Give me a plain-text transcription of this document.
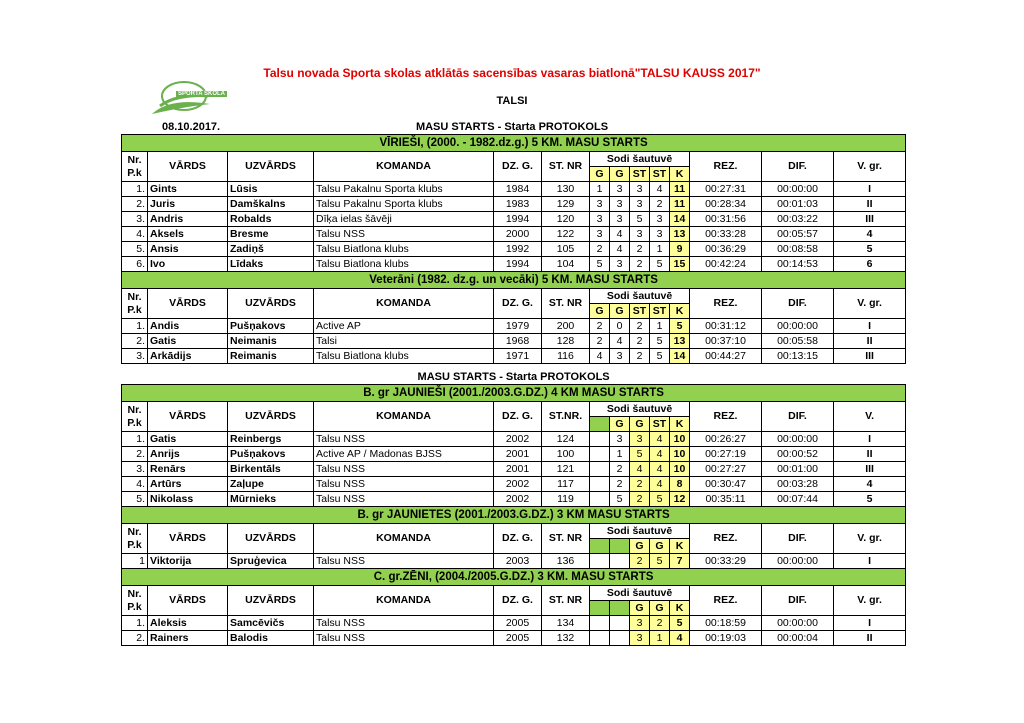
Talsu novada Sporta skolas atklātās sacensības vasaras biatlonā"TALSU KAUSS 2017"
SPORTA SKOLA
TALSI
MASU STARTS - Starta PROTOKOLS
08.10.2017.
VĪRIEŠI, (2000. - 1982.dz.g.) 5 KM. MASU STARTS													
Nr. P.k	VĀRDS	UZVĀRDS	KOMANDA	DZ. G.	ST. NR	Sodi šautuvē					REZ.	DIF.	V. gr.
						G	G	ST	ST	K			
1.	Gints	Lūsis	Talsu Pakalnu Sporta klubs	1984	130	1	3	3	4	11	00:27:31	00:00:00	I
2.	Juris	Damškalns	Talsu Pakalnu Sporta klubs	1983	129	3	3	3	2	11	00:28:34	00:01:03	II
3.	Andris	Robalds	Dīķa ielas šāvēji	1994	120	3	3	5	3	14	00:31:56	00:03:22	III
4.	Aksels	Bresme	Talsu NSS	2000	122	3	4	3	3	13	00:33:28	00:05:57	4
5.	Ansis	Zadiņš	Talsu Biatlona klubs	1992	105	2	4	2	1	9	00:36:29	00:08:58	5
6.	Ivo	Līdaks	Talsu Biatlona klubs	1994	104	5	3	2	5	15	00:42:24	00:14:53	6
Veterāni (1982. dz.g. un vecāki) 5 KM. MASU STARTS													
Nr. P.k	VĀRDS	UZVĀRDS	KOMANDA	DZ. G.	ST. NR	Sodi šautuvē					REZ.	DIF.	V. gr.
						G	G	ST	ST	K			
1.	Andis	Pušņakovs	Active AP	1979	200	2	0	2	1	5	00:31:12	00:00:00	I
2.	Gatis	Neimanis	Talsi	1968	128	2	4	2	5	13	00:37:10	00:05:58	II
3.	Arkādijs	Reimanis	Talsu Biatlona klubs	1971	116	4	3	2	5	14	00:44:27	00:13:15	III

MASU STARTS - Starta PROTOKOLS													
B. gr JAUNIEŠI (2001./2003.G.DZ.) 4 KM MASU STARTS													
Nr. P.k	VĀRDS	UZVĀRDS	KOMANDA	DZ. G.	ST.NR.	Sodi šautuvē					REZ.	DIF.	V.
							G	G	ST	K			
1.	Gatis	Reinbergs	Talsu NSS	2002	124		3	3	4	10	00:26:27	00:00:00	I
2.	Anrijs	Pušņakovs	Active AP / Madonas BJSS	2001	100		1	5	4	10	00:27:19	00:00:52	II
3.	Renārs	Birkentāls	Talsu NSS	2001	121		2	4	4	10	00:27:27	00:01:00	III
4.	Artūrs	Zaļupe	Talsu NSS	2002	117		2	2	4	8	00:30:47	00:03:28	4
5.	Nikolass	Mūrnieks	Talsu NSS	2002	119		5	2	5	12	00:35:11	00:07:44	5
B. gr JAUNIETES (2001./2003.G.DZ.) 3 KM MASU STARTS													
Nr. P.k	VĀRDS	UZVĀRDS	KOMANDA	DZ. G.	ST. NR	Sodi šautuvē					REZ.	DIF.	V. gr.
								G	G	K			
1	Viktorija	Spruģevica	Talsu NSS	2003	136			2	5	7	00:33:29	00:00:00	I
C. gr.ZĒNI, (2004./2005.G.DZ.) 3 KM. MASU STARTS													
Nr. P.k	VĀRDS	UZVĀRDS	KOMANDA	DZ. G.	ST. NR	Sodi šautuvē					REZ.	DIF.	V. gr.
								G	G	K			
1.	Aleksis	Samcēvičs	Talsu NSS	2005	134			3	2	5	00:18:59	00:00:00	I
2.	Rainers	Balodis	Talsu NSS	2005	132			3	1	4	00:19:03	00:00:04	II
